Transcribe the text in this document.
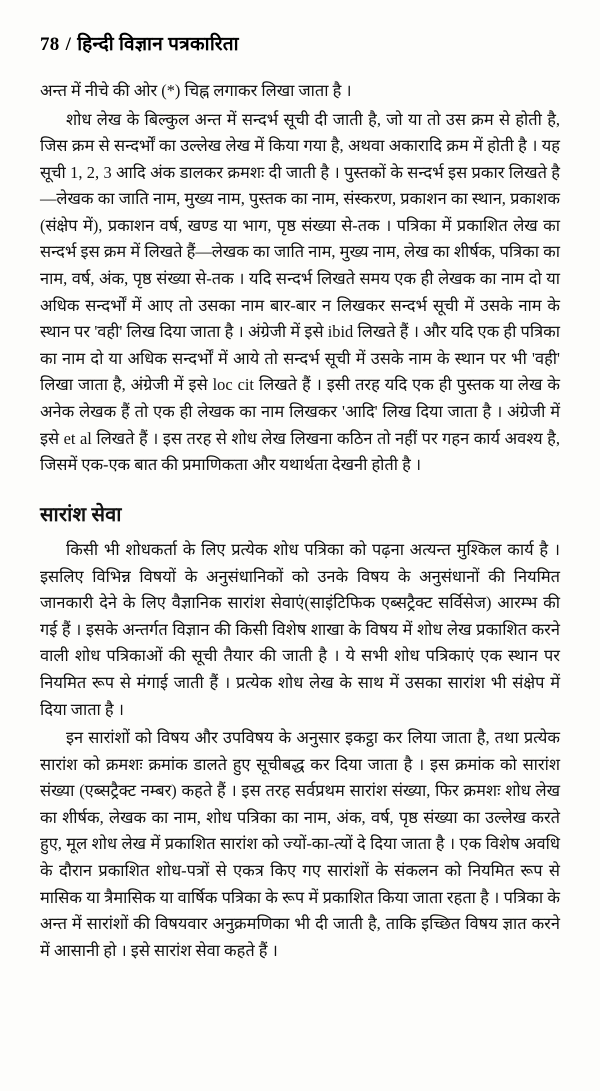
78 / हिन्दी विज्ञान पत्रकारिता

अन्त में नीचे की ओर (*) चिह्न लगाकर लिखा जाता है ।

शोध लेख के बिल्कुल अन्त में सन्दर्भ सूची दी जाती है, जो या तो उस क्रम से होती है, जिस क्रम से सन्दर्भों का उल्लेख लेख में किया गया है, अथवा अकारादि क्रम में होती है । यह सूची 1, 2, 3 आदि अंक डालकर क्रमशः दी जाती है । पुस्तकों के सन्दर्भ इस प्रकार लिखते है—लेखक का जाति नाम, मुख्य नाम, पुस्तक का नाम, संस्करण, प्रकाशन का स्थान, प्रकाशक (संक्षेप में), प्रकाशन वर्ष, खण्ड या भाग, पृष्ठ संख्या से-तक । पत्रिका में प्रकाशित लेख का सन्दर्भ इस क्रम में लिखते हैं—लेखक का जाति नाम, मुख्य नाम, लेख का शीर्षक, पत्रिका का नाम, वर्ष, अंक, पृष्ठ संख्या से-तक । यदि सन्दर्भ लिखते समय एक ही लेखक का नाम दो या अधिक सन्दर्भों में आए तो उसका नाम बार-बार न लिखकर सन्दर्भ सूची में उसके नाम के स्थान पर 'वही' लिख दिया जाता है । अंग्रेजी में इसे ibid लिखते हैं । और यदि एक ही पत्रिका का नाम दो या अधिक सन्दर्भों में आये तो सन्दर्भ सूची में उसके नाम के स्थान पर भी 'वही' लिखा जाता है, अंग्रेजी में इसे loc cit लिखते हैं । इसी तरह यदि एक ही पुस्तक या लेख के अनेक लेखक हैं तो एक ही लेखक का नाम लिखकर 'आदि' लिख दिया जाता है । अंग्रेजी में इसे et al लिखते हैं । इस तरह से शोध लेख लिखना कठिन तो नहीं पर गहन कार्य अवश्य है, जिसमें एक-एक बात की प्रमाणिकता और यथार्थता देखनी होती है ।

सारांश सेवा

किसी भी शोधकर्ता के लिए प्रत्येक शोध पत्रिका को पढ़ना अत्यन्त मुश्किल कार्य है । इसलिए विभिन्न विषयों के अनुसंधानिकों को उनके विषय के अनुसंधानों की नियमित जानकारी देने के लिए वैज्ञानिक सारांश सेवाएं(साइंटिफिक एब्सट्रैक्ट सर्विसेज) आरम्भ की गई हैं । इसके अन्तर्गत विज्ञान की किसी विशेष शाखा के विषय में शोध लेख प्रकाशित करने वाली शोध पत्रिकाओं की सूची तैयार की जाती है । ये सभी शोध पत्रिकाएं एक स्थान पर नियमित रूप से मंगाई जाती हैं । प्रत्येक शोध लेख के साथ में उसका सारांश भी संक्षेप में दिया जाता है ।

इन सारांशों को विषय और उपविषय के अनुसार इकट्ठा कर लिया जाता है, तथा प्रत्येक सारांश को क्रमशः क्रमांक डालते हुए सूचीबद्ध कर दिया जाता है । इस क्रमांक को सारांश संख्या (एब्सट्रैक्ट नम्बर) कहते हैं । इस तरह सर्वप्रथम सारांश संख्या, फिर क्रमशः शोध लेख का शीर्षक, लेखक का नाम, शोध पत्रिका का नाम, अंक, वर्ष, पृष्ठ संख्या का उल्लेख करते हुए, मूल शोध लेख में प्रकाशित सारांश को ज्यों-का-त्यों दे दिया जाता है । एक विशेष अवधि के दौरान प्रकाशित शोध-पत्रों से एकत्र किए गए सारांशों के संकलन को नियमित रूप से मासिक या त्रैमासिक या वार्षिक पत्रिका के रूप में प्रकाशित किया जाता रहता है । पत्रिका के अन्त में सारांशों की विषयवार अनुक्रमणिका भी दी जाती है, ताकि इच्छित विषय ज्ञात करने में आसानी हो । इसे सारांश सेवा कहते हैं ।
